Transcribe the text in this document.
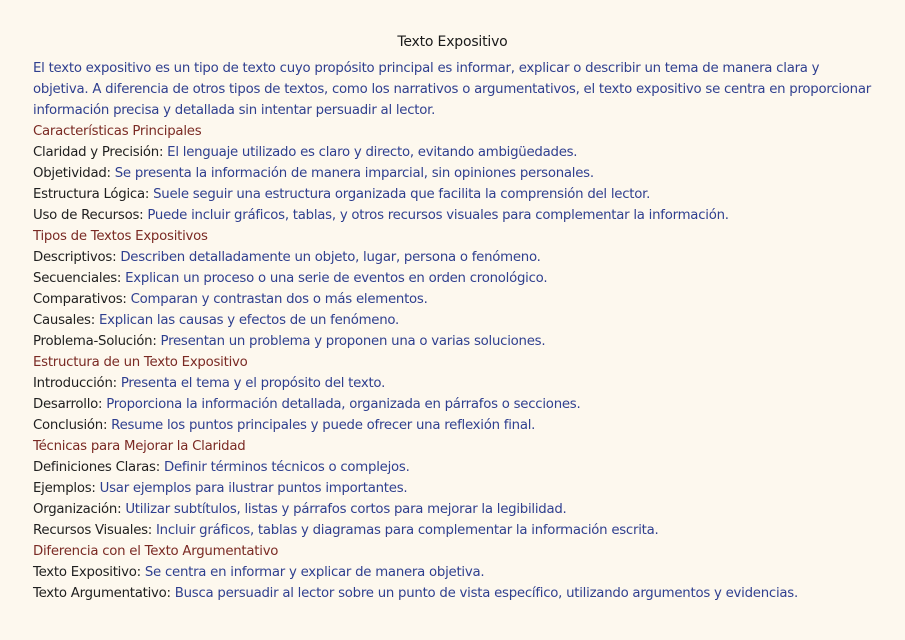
Texto Expositivo

El texto expositivo es un tipo de texto cuyo propósito principal es informar, explicar o describir un tema de manera clara y objetiva. A diferencia de otros tipos de textos, como los narrativos o argumentativos, el texto expositivo se centra en proporcionar información precisa y detallada sin intentar persuadir al lector.

Características Principales

Claridad y Precisión: El lenguaje utilizado es claro y directo, evitando ambigüedades.

Objetividad: Se presenta la información de manera imparcial, sin opiniones personales.

Estructura Lógica: Suele seguir una estructura organizada que facilita la comprensión del lector.

Uso de Recursos: Puede incluir gráficos, tablas, y otros recursos visuales para complementar la información.

Tipos de Textos Expositivos

Descriptivos: Describen detalladamente un objeto, lugar, persona o fenómeno.

Secuenciales: Explican un proceso o una serie de eventos en orden cronológico.

Comparativos: Comparan y contrastan dos o más elementos.

Causales: Explican las causas y efectos de un fenómeno.

Problema-Solución: Presentan un problema y proponen una o varias soluciones.

Estructura de un Texto Expositivo

Introducción: Presenta el tema y el propósito del texto.

Desarrollo: Proporciona la información detallada, organizada en párrafos o secciones.

Conclusión: Resume los puntos principales y puede ofrecer una reflexión final.

Técnicas para Mejorar la Claridad

Definiciones Claras: Definir términos técnicos o complejos.

Ejemplos: Usar ejemplos para ilustrar puntos importantes.

Organización: Utilizar subtítulos, listas y párrafos cortos para mejorar la legibilidad.

Recursos Visuales: Incluir gráficos, tablas y diagramas para complementar la información escrita.

Diferencia con el Texto Argumentativo

Texto Expositivo: Se centra en informar y explicar de manera objetiva.

Texto Argumentativo: Busca persuadir al lector sobre un punto de vista específico, utilizando argumentos y evidencias.
